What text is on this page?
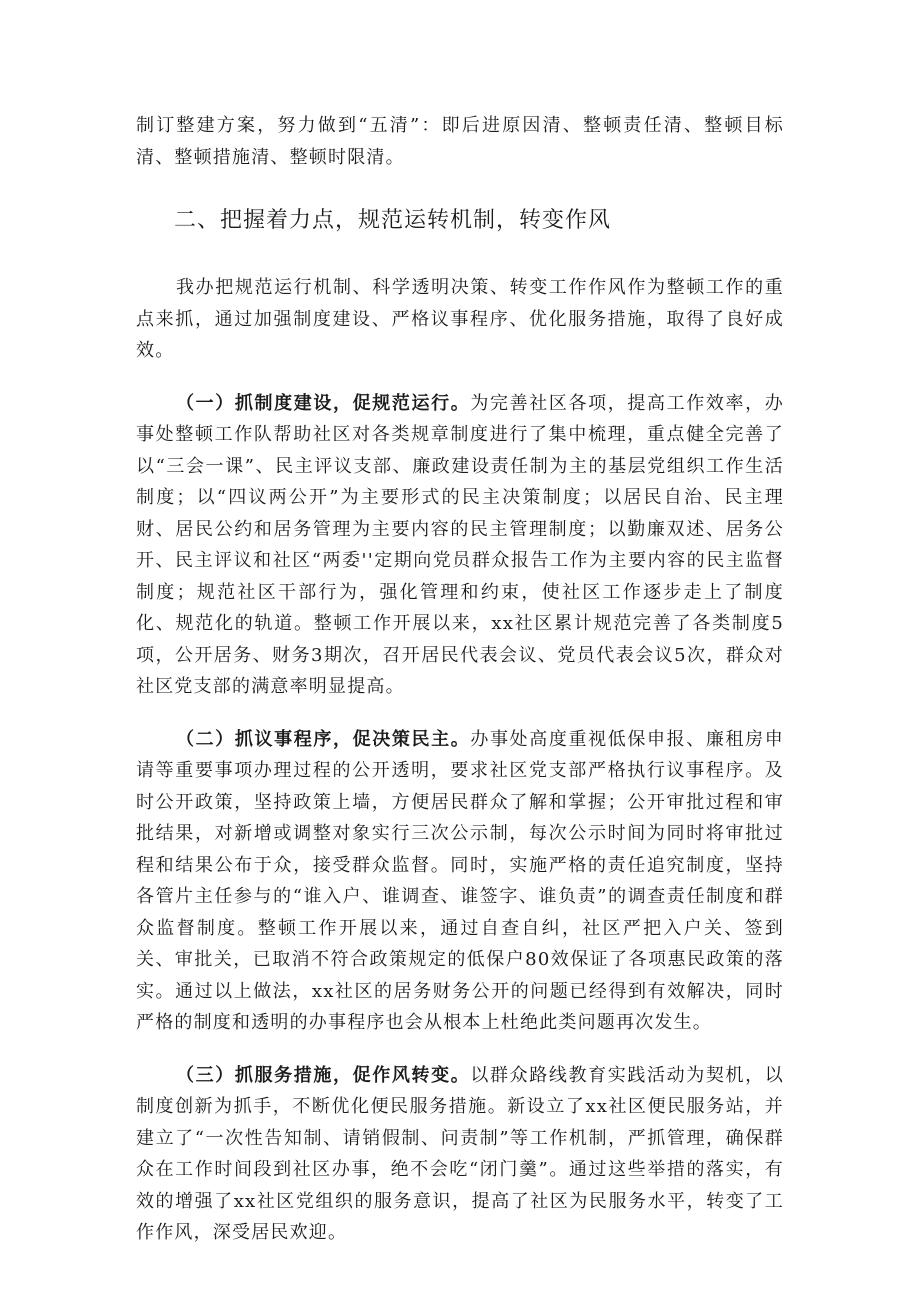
制订整建方案，努力做到“五清”：即后进原因清、整顿责任清、整顿目标清、整顿措施清、整顿时限清。

二、把握着力点，规范运转机制，转变作风

我办把规范运行机制、科学透明决策、转变工作作风作为整顿工作的重点来抓，通过加强制度建设、严格议事程序、优化服务措施，取得了良好成效。

（一）抓制度建设，促规范运行。为完善社区各项，提高工作效率，办事处整顿工作队帮助社区对各类规章制度进行了集中梳理，重点健全完善了以“三会一课”、民主评议支部、廉政建设责任制为主的基层党组织工作生活制度；以“四议两公开”为主要形式的民主决策制度；以居民自治、民主理财、居民公约和居务管理为主要内容的民主管理制度；以勤廉双述、居务公开、民主评议和社区“两委''定期向党员群众报告工作为主要内容的民主监督制度；规范社区干部行为，强化管理和约束，使社区工作逐步走上了制度化、规范化的轨道。整顿工作开展以来，xx社区累计规范完善了各类制度5项，公开居务、财务3期次，召开居民代表会议、党员代表会议5次，群众对社区党支部的满意率明显提高。

（二）抓议事程序，促决策民主。办事处高度重视低保申报、廉租房申请等重要事项办理过程的公开透明，要求社区党支部严格执行议事程序。及时公开政策，坚持政策上墙，方便居民群众了解和掌握；公开审批过程和审批结果，对新增或调整对象实行三次公示制，每次公示时间为同时将审批过程和结果公布于众，接受群众监督。同时，实施严格的责任追究制度，坚持各管片主任参与的“谁入户、谁调查、谁签字、谁负责”的调查责任制度和群众监督制度。整顿工作开展以来，通过自查自纠，社区严把入户关、签到关、审批关，已取消不符合政策规定的低保户80效保证了各项惠民政策的落实。通过以上做法，xx社区的居务财务公开的问题已经得到有效解决，同时严格的制度和透明的办事程序也会从根本上杜绝此类问题再次发生。

（三）抓服务措施，促作风转变。以群众路线教育实践活动为契机，以制度创新为抓手，不断优化便民服务措施。新设立了xx社区便民服务站，并建立了“一次性告知制、请销假制、问责制”等工作机制，严抓管理，确保群众在工作时间段到社区办事，绝不会吃“闭门羹”。通过这些举措的落实，有效的增强了xx社区党组织的服务意识，提高了社区为民服务水平，转变了工作作风，深受居民欢迎。
